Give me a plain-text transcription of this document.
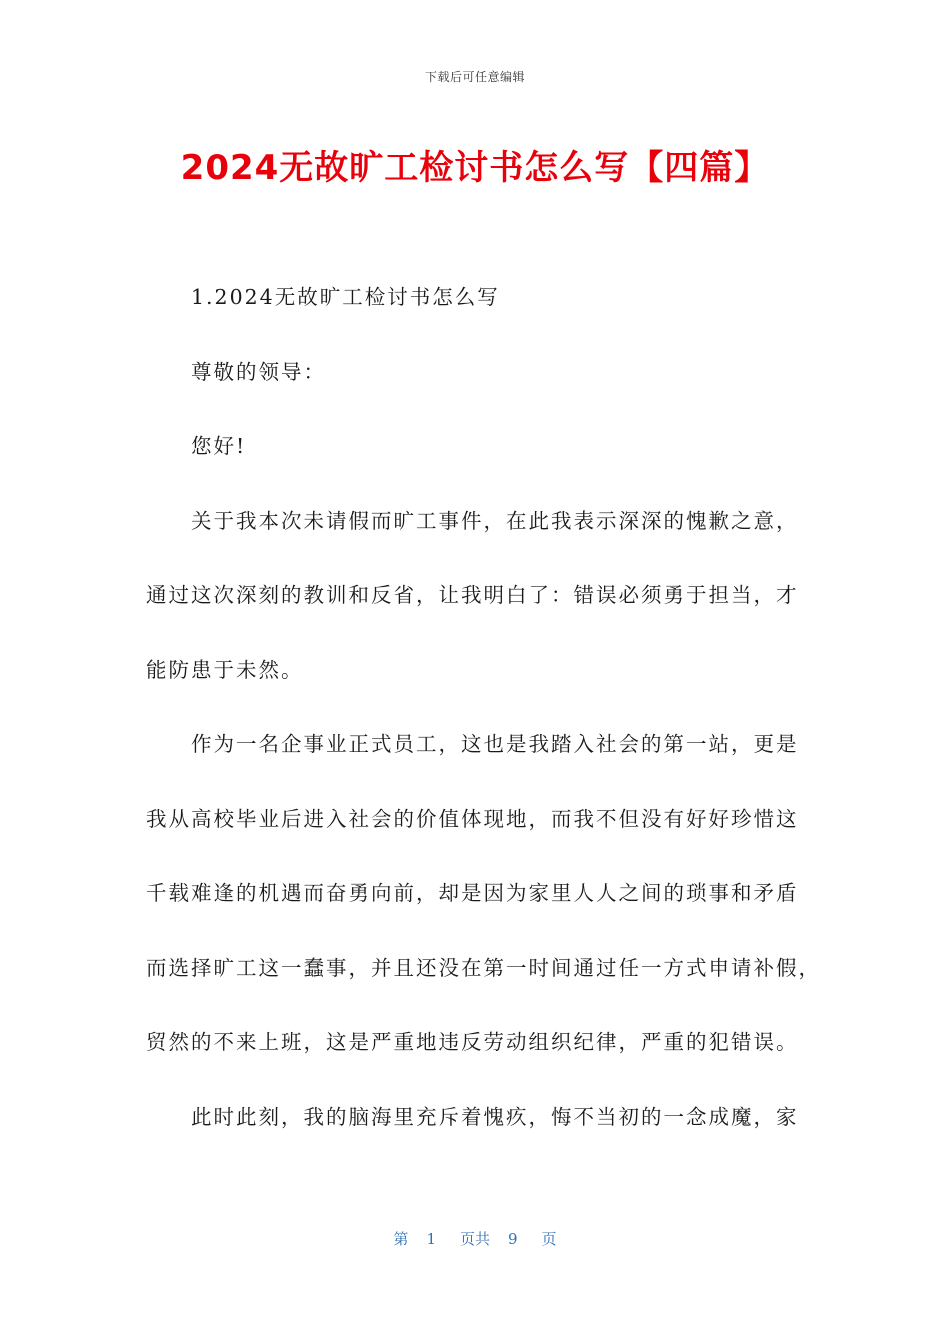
下载后可任意编辑
2024无故旷工检讨书怎么写【四篇】
1.2024无故旷工检讨书怎么写
尊敬的领导：
您好!
关于我本次未请假而旷工事件，在此我表示深深的愧歉之意，
通过这次深刻的教训和反省，让我明白了：错误必须勇于担当，才
能防患于未然。
作为一名企事业正式员工，这也是我踏入社会的第一站，更是
我从高校毕业后进入社会的价值体现地，而我不但没有好好珍惜这
千载难逢的机遇而奋勇向前，却是因为家里人人之间的琐事和矛盾
而选择旷工这一蠢事，并且还没在第一时间通过任一方式申请补假，
贸然的不来上班，这是严重地违反劳动组织纪律，严重的犯错误。
此时此刻，我的脑海里充斥着愧疚，悔不当初的一念成魔，家
第 1 页共 9 页
